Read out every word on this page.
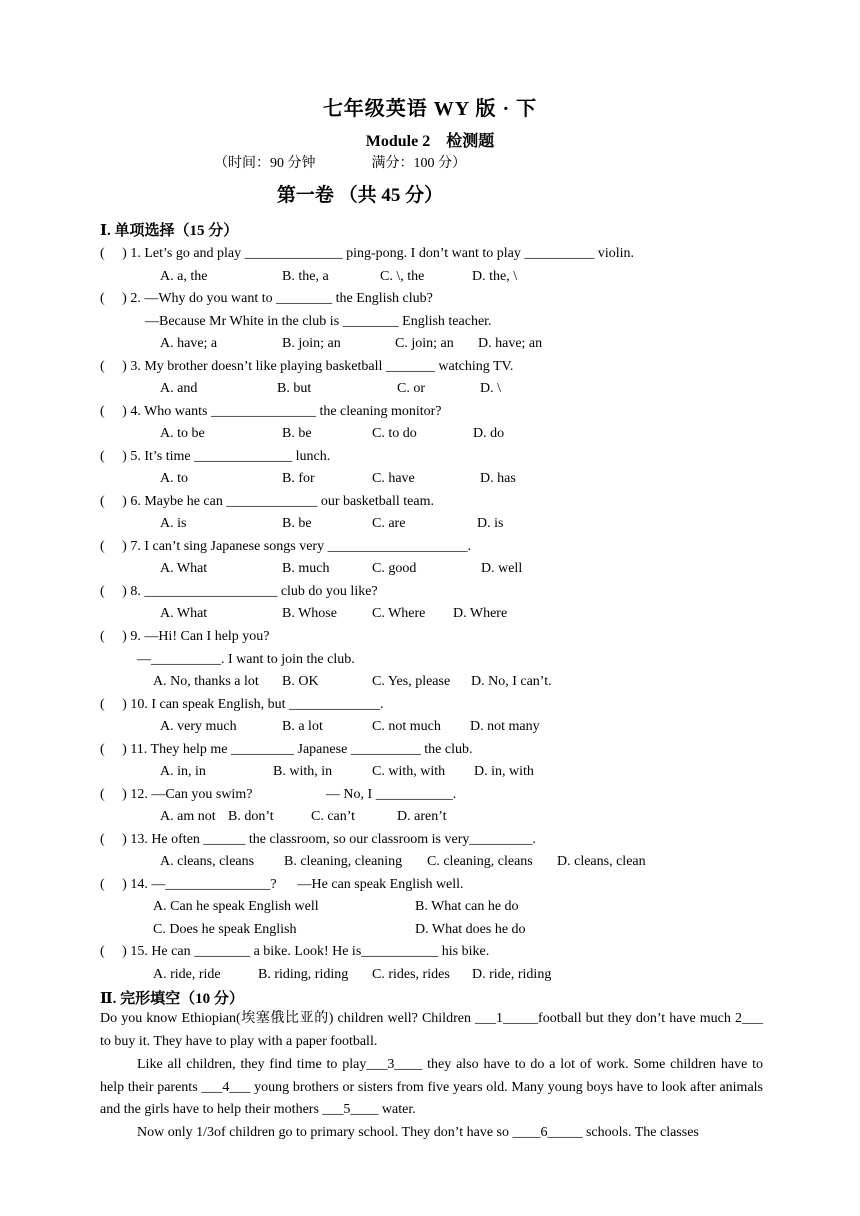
七年级英语 WY 版 · 下
Module 2　检测题
（时间：90 分钟　　　　满分：100 分）
第一卷 （共 45 分）
Ⅰ. 单项选择（15 分）
(     ) 1. Let’s go and play ______________ ping-pong. I don’t want to play __________ violin.
A. a, the	B. the, a	C. \, the	D. the, \
(     ) 2. —Why do you want to ________ the English club?
—Because Mr White in the club is ________ English teacher.
A. have; a	B. join; an	C. join; an D. have; an
(     ) 3. My brother doesn’t like playing basketball _______ watching TV.
A. and	B. but	C. or	D. \
(     ) 4. Who wants _______________ the cleaning monitor?
A. to be	B. be	C. to do	D. do
(     ) 5. It’s time ______________ lunch.
A. to	B. for	C. have	D. has
(     ) 6. Maybe he can _____________ our basketball team.
A. is	B. be	C. are	D. is
(     ) 7. I can’t sing Japanese songs very ____________________.
A. What	B. much	C. good	D. well
(     ) 8. ___________________ club do you like?
A. What	B. Whose	C. Where D. Where
(     ) 9. —Hi! Can I help you?
—__________. I want to join the club.
A. No, thanks a lot B. OK	C. Yes, please D. No, I can’t.
(     ) 10. I can speak English, but _____________.
A. very much	B. a lot	C. not much D. not many
(     ) 11. They help me _________ Japanese __________ the club.
A. in, in	B. with, in	C. with, with D. in, with
(     ) 12. —Can you swim?                     — No, I ___________.
A. am not B. don’t	C. can’t	D. aren’t
(     ) 13. He often ______ the classroom, so our classroom is very_________.
A. cleans, cleans B. cleaning, cleaning C. cleaning, cleans D. cleans, clean
(     ) 14. —_______________?      —He can speak English well.
A. Can he speak English well	B. What can he do
C. Does he speak English	D. What does he do
(     ) 15. He can ________ a bike. Look! He is___________ his bike.
A. ride, ride	B. riding, riding C. rides, rides D. ride, riding
Ⅱ. 完形填空（10 分）
Do you know Ethiopian(埃塞俄比亚的) children well? Children ___1_____football but they don’t have much 2___ to buy it. They have to play with a paper football.
Like all children, they find time to play___3____ they also have to do a lot of work. Some children have to help their parents ___4___ young brothers or sisters from five years old. Many young boys have to look after animals and the girls have to help their mothers ___5____ water.
Now only 1/3of children go to primary school. They don’t have so ____6_____ schools. The classes
